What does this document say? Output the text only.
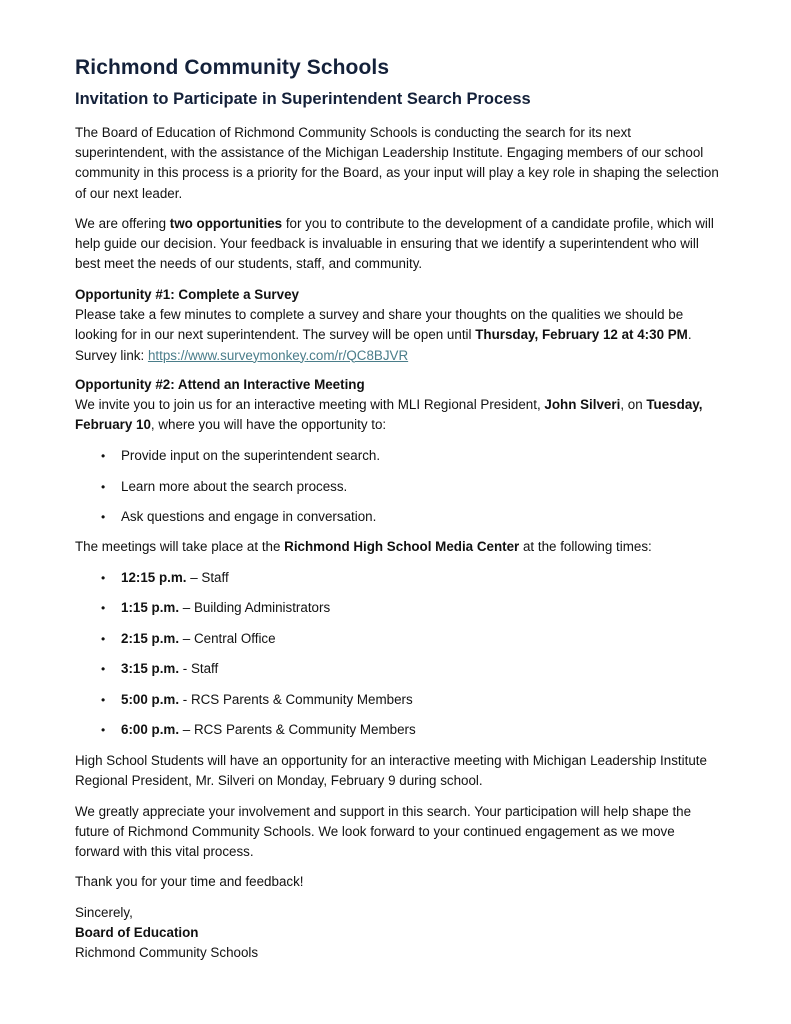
Richmond Community Schools
Invitation to Participate in Superintendent Search Process

The Board of Education of Richmond Community Schools is conducting the search for its next superintendent, with the assistance of the Michigan Leadership Institute. Engaging members of our school community in this process is a priority for the Board, as your input will play a key role in shaping the selection of our next leader.

We are offering two opportunities for you to contribute to the development of a candidate profile, which will help guide our decision. Your feedback is invaluable in ensuring that we identify a superintendent who will best meet the needs of our students, staff, and community.

Opportunity #1: Complete a Survey

Please take a few minutes to complete a survey and share your thoughts on the qualities we should be looking for in our next superintendent. The survey will be open until Thursday, February 12 at 4:30 PM.
Survey link: https://www.surveymonkey.com/r/QC8BJVR

Opportunity #2: Attend an Interactive Meeting

We invite you to join us for an interactive meeting with MLI Regional President, John Silveri, on Tuesday, February 10, where you will have the opportunity to:

• Provide input on the superintendent search.
• Learn more about the search process.
• Ask questions and engage in conversation.

The meetings will take place at the Richmond High School Media Center at the following times:

• 12:15 p.m. – Staff
• 1:15 p.m. – Building Administrators
• 2:15 p.m. – Central Office
• 3:15 p.m. - Staff
• 5:00 p.m. - RCS Parents & Community Members
• 6:00 p.m. – RCS Parents & Community Members

High School Students will have an opportunity for an interactive meeting with Michigan Leadership Institute Regional President, Mr. Silveri on Monday, February 9 during school.

We greatly appreciate your involvement and support in this search. Your participation will help shape the future of Richmond Community Schools. We look forward to your continued engagement as we move forward with this vital process.

Thank you for your time and feedback!

Sincerely,

Board of Education

Richmond Community Schools
